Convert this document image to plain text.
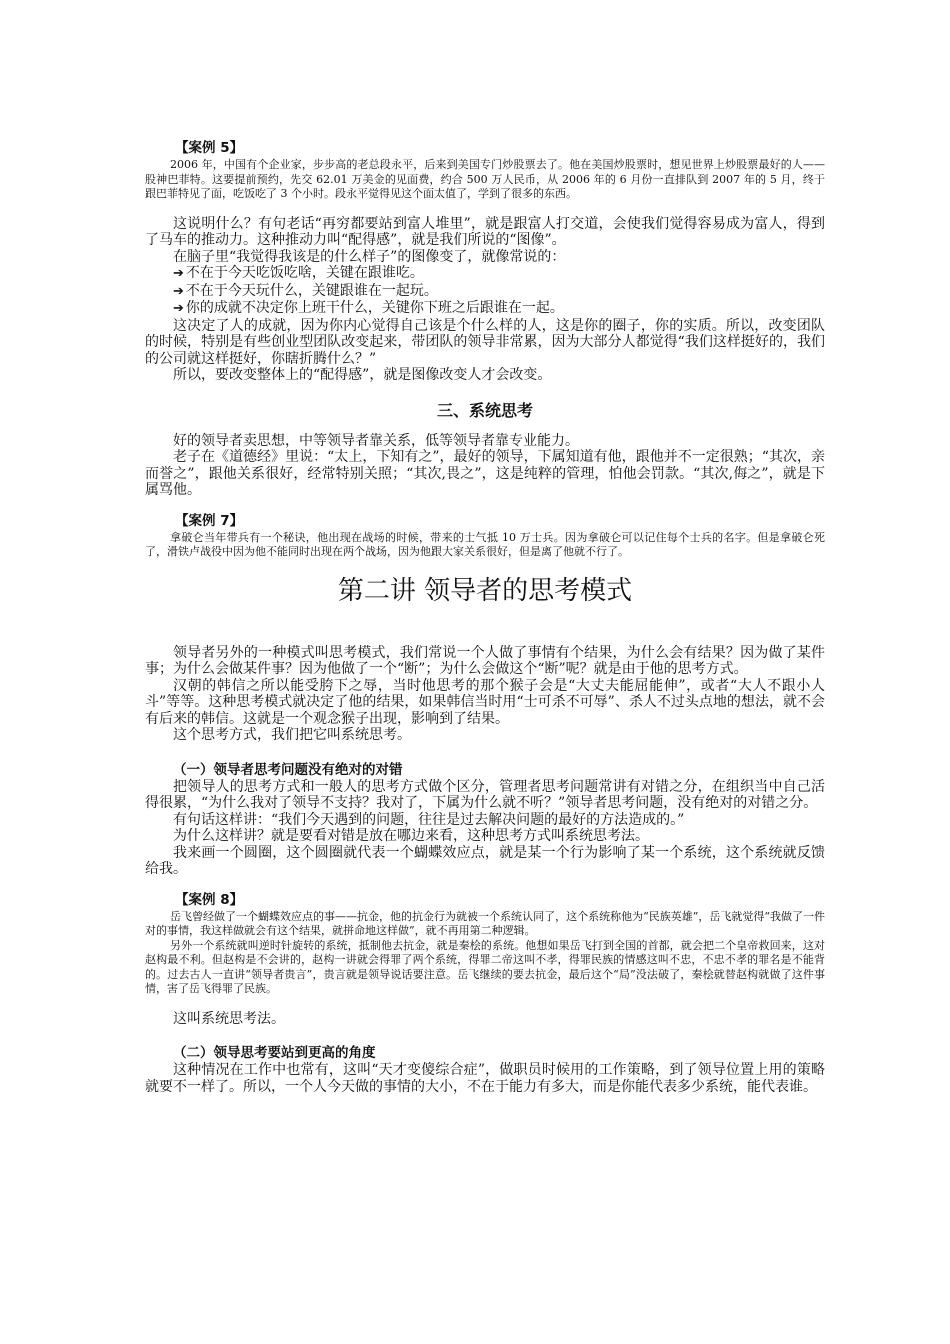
【案例 5】

2006 年，中国有个企业家，步步高的老总段永平，后来到美国专门炒股票去了。他在美国炒股票时，想见世界上炒股票最好的人——股神巴菲特。这要提前预约，先交 62.01 万美金的见面费，约合 500 万人民币，从 2006 年的 6 月份一直排队到 2007 年的 5 月，终于跟巴菲特见了面，吃饭吃了 3 个小时。段永平觉得见这个面太值了，学到了很多的东西。

这说明什么？有句老话“再穷都要站到富人堆里”，就是跟富人打交道，会使我们觉得容易成为富人，得到了马车的推动力。这种推动力叫“配得感”，就是我们所说的“图像”。

在脑子里“我觉得我该是的什么样子”的图像变了，就像常说的：

➔ 不在于今天吃饭吃啥，关键在跟谁吃。
➔ 不在于今天玩什么，关键跟谁在一起玩。
➔ 你的成就不决定你上班干什么，关键你下班之后跟谁在一起。

这决定了人的成就，因为你内心觉得自己该是个什么样的人，这是你的圈子，你的实质。所以，改变团队的时候，特别是有些创业型团队改变起来，带团队的领导非常累，因为大部分人都觉得“我们这样挺好的，我们的公司就这样挺好，你瞎折腾什么？”

所以，要改变整体上的“配得感”，就是图像改变人才会改变。

三、系统思考

好的领导者卖思想，中等领导者靠关系，低等领导者靠专业能力。

老子在《道德经》里说：“太上，下知有之”，最好的领导，下属知道有他，跟他并不一定很熟；“其次，亲而誉之”，跟他关系很好，经常特别关照；“其次,畏之”，这是纯粹的管理，怕他会罚款。“其次,侮之”，就是下属骂他。

【案例 7】

拿破仑当年带兵有一个秘诀，他出现在战场的时候，带来的士气抵 10 万士兵。因为拿破仑可以记住每个士兵的名字。但是拿破仑死了，滑铁卢战役中因为他不能同时出现在两个战场，因为他跟大家关系很好，但是离了他就不行了。

第二讲 领导者的思考模式

领导者另外的一种模式叫思考模式，我们常说一个人做了事情有个结果，为什么会有结果？因为做了某件事；为什么会做某件事？因为他做了一个“断”；为什么会做这个“断”呢？就是由于他的思考方式。

汉朝的韩信之所以能受胯下之辱，当时他思考的那个猴子会是“大丈夫能屈能伸”，或者“大人不跟小人斗”等等。这种思考模式就决定了他的结果，如果韩信当时用“士可杀不可辱”、杀人不过头点地的想法，就不会有后来的韩信。这就是一个观念猴子出现，影响到了结果。

这个思考方式，我们把它叫系统思考。

（一）领导者思考问题没有绝对的对错

把领导人的思考方式和一般人的思考方式做个区分，管理者思考问题常讲有对错之分，在组织当中自己活得很累，“为什么我对了领导不支持？我对了，下属为什么就不听？”领导者思考问题，没有绝对的对错之分。

有句话这样讲：“我们今天遇到的问题，往往是过去解决问题的最好的方法造成的。”

为什么这样讲？就是要看对错是放在哪边来看，这种思考方式叫系统思考法。

我来画一个圆圈，这个圆圈就代表一个蝴蝶效应点，就是某一个行为影响了某一个系统，这个系统就反馈给我。

【案例 8】

岳飞曾经做了一个蝴蝶效应点的事——抗金，他的抗金行为就被一个系统认同了，这个系统称他为“民族英雄”，岳飞就觉得“我做了一件对的事情，我这样做就会有这个结果，就拼命地这样做”，就不再用第二种逻辑。

另外一个系统就叫逆时针旋转的系统，抵制他去抗金，就是秦桧的系统。他想如果岳飞打到全国的首都，就会把二个皇帝救回来，这对赵构最不利。但赵构是不会讲的，赵构一讲就会得罪了两个系统，得罪二帝这叫不孝，得罪民族的情感这叫不忠，不忠不孝的罪名是不能背的。过去古人一直讲“领导者贵言”，贵言就是领导说话要注意。岳飞继续的要去抗金，最后这个“局”没法破了，秦桧就替赵构就做了这件事情，害了岳飞得罪了民族。

这叫系统思考法。

（二）领导思考要站到更高的角度

这种情况在工作中也常有，这叫“天才变傻综合症”，做职员时候用的工作策略，到了领导位置上用的策略就要不一样了。所以，一个人今天做的事情的大小，不在于能力有多大，而是你能代表多少系统，能代表谁。
